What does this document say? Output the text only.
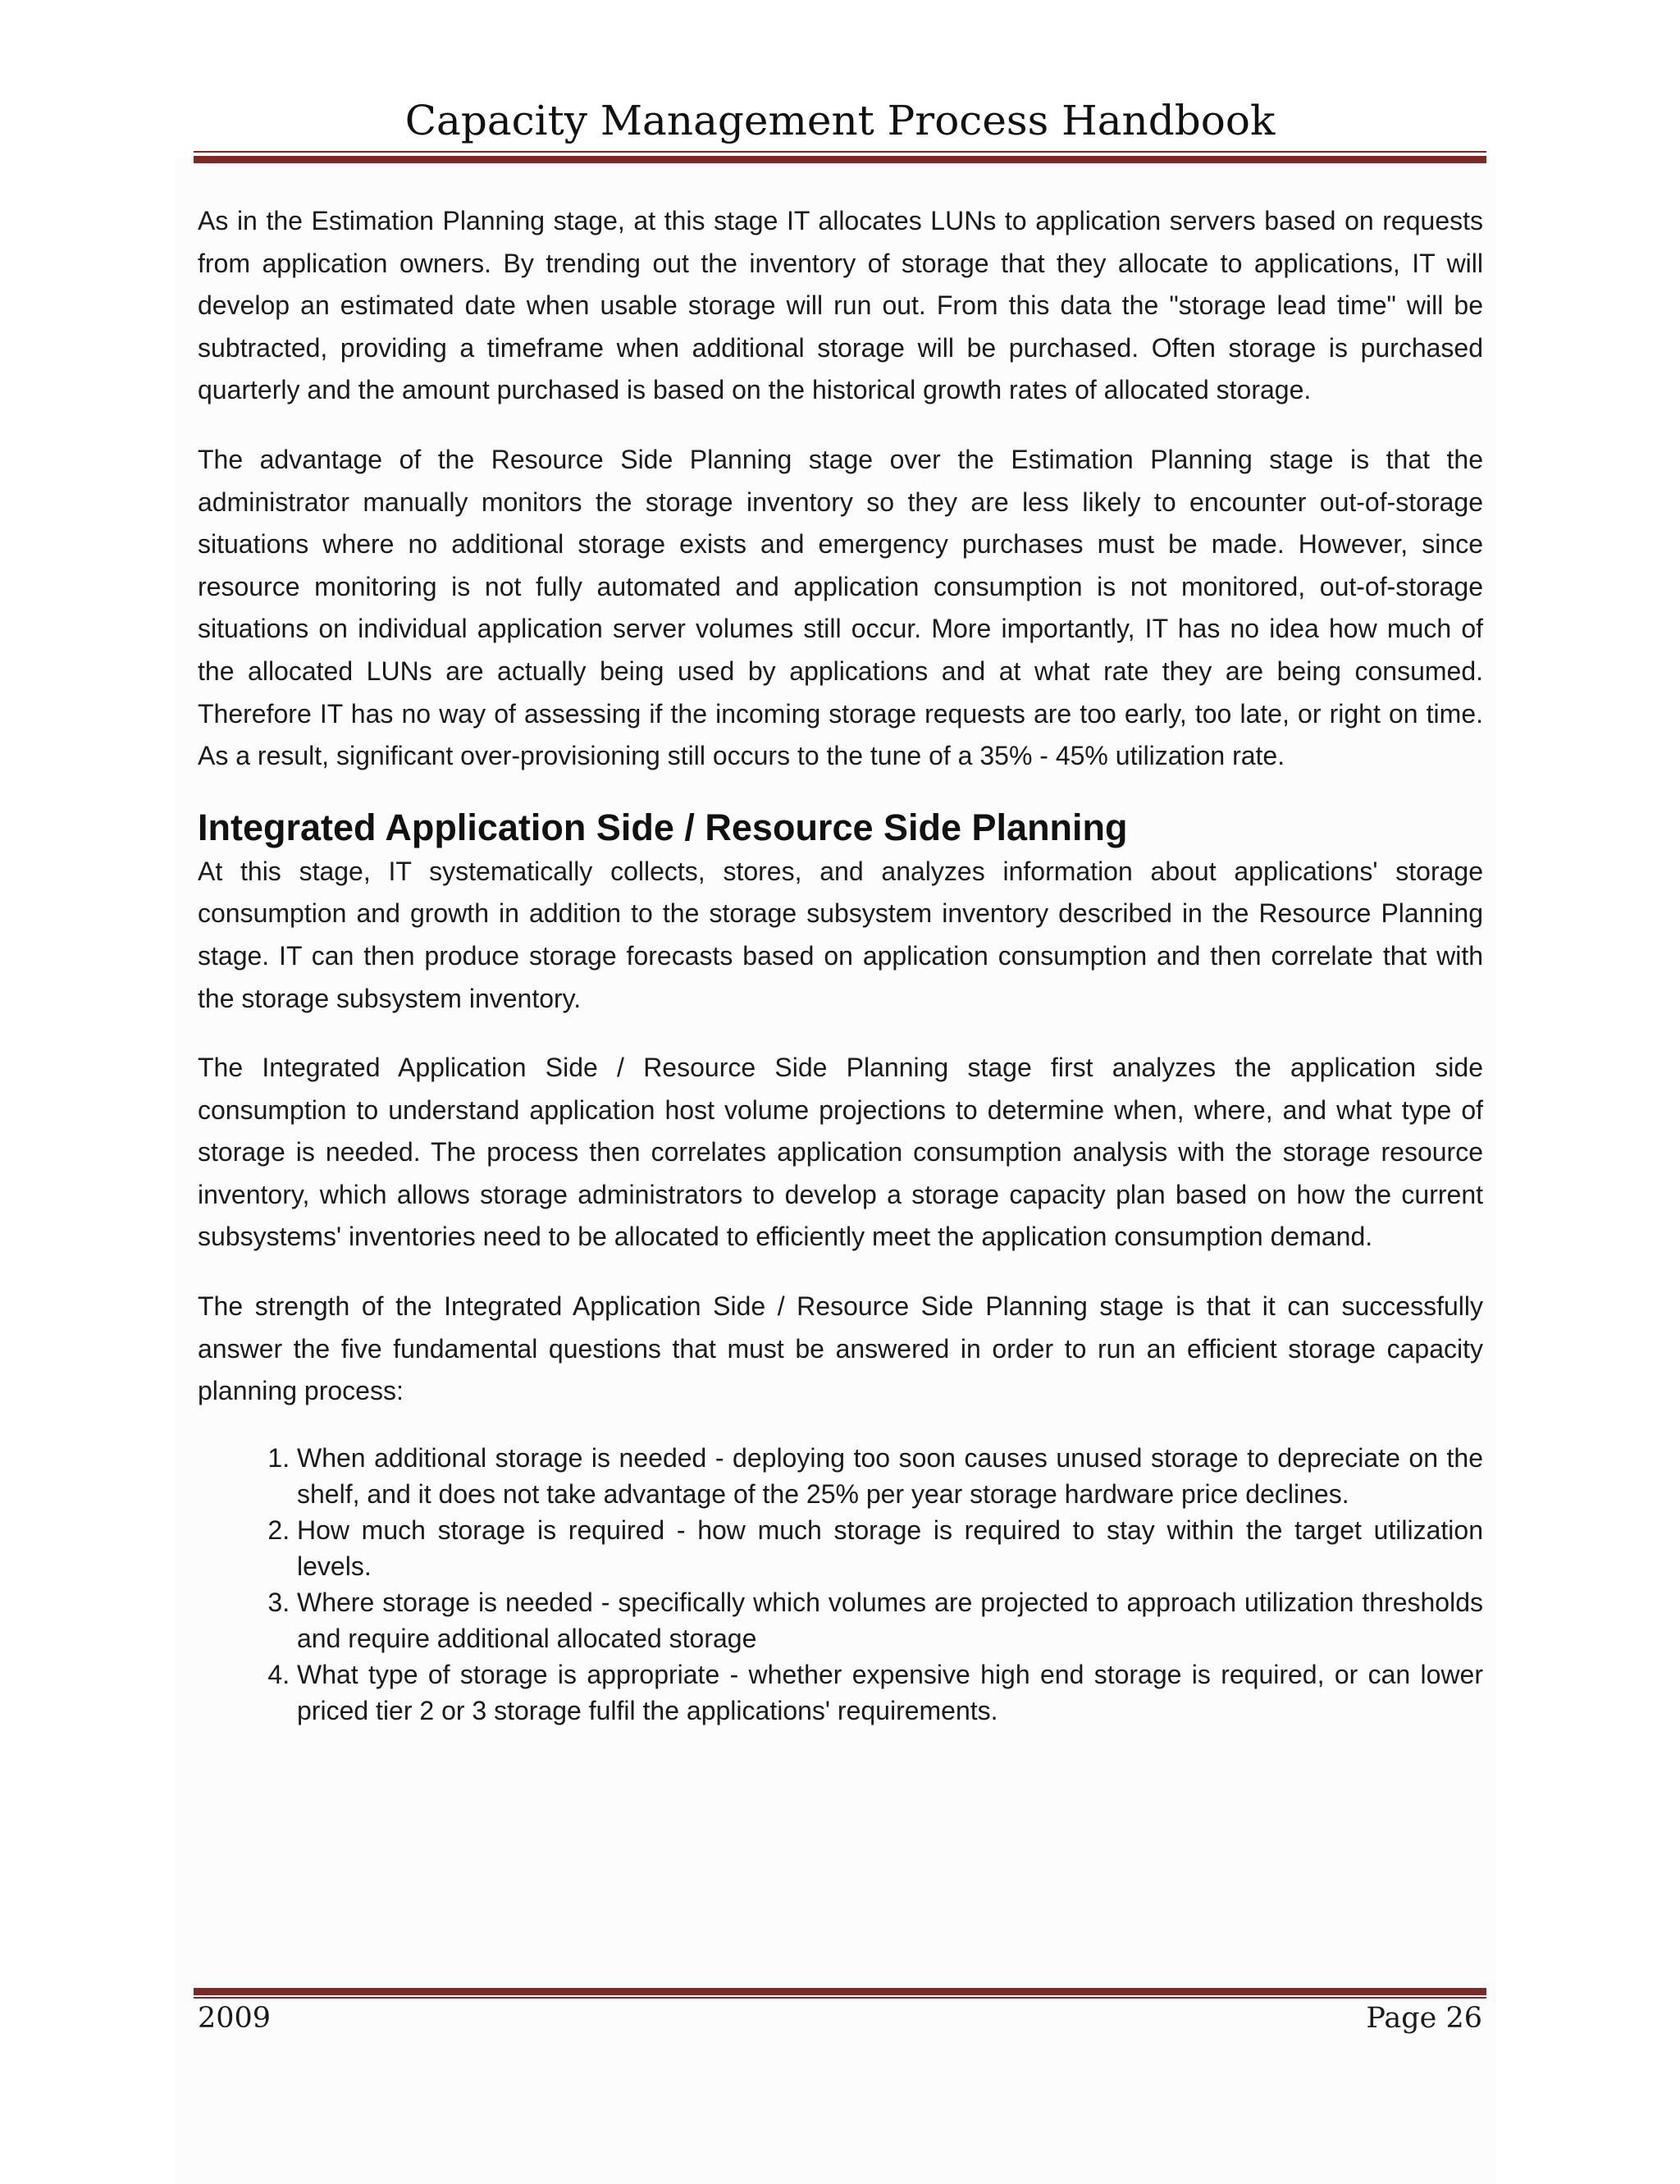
Capacity Management Process Handbook

As in the Estimation Planning stage, at this stage IT allocates LUNs to application servers based on requests from application owners. By trending out the inventory of storage that they allocate to applications, IT will develop an estimated date when usable storage will run out. From this data the "storage lead time" will be subtracted, providing a timeframe when additional storage will be purchased. Often storage is purchased quarterly and the amount purchased is based on the historical growth rates of allocated storage.

The advantage of the Resource Side Planning stage over the Estimation Planning stage is that the administrator manually monitors the storage inventory so they are less likely to encounter out-of-storage situations where no additional storage exists and emergency purchases must be made. However, since resource monitoring is not fully automated and application consumption is not monitored, out-of-storage situations on individual application server volumes still occur. More importantly, IT has no idea how much of the allocated LUNs are actually being used by applications and at what rate they are being consumed. Therefore IT has no way of assessing if the incoming storage requests are too early, too late, or right on time. As a result, significant over-provisioning still occurs to the tune of a 35% - 45% utilization rate.

Integrated Application Side / Resource Side Planning

At this stage, IT systematically collects, stores, and analyzes information about applications' storage consumption and growth in addition to the storage subsystem inventory described in the Resource Planning stage. IT can then produce storage forecasts based on application consumption and then correlate that with the storage subsystem inventory.

The Integrated Application Side / Resource Side Planning stage first analyzes the application side consumption to understand application host volume projections to determine when, where, and what type of storage is needed. The process then correlates application consumption analysis with the storage resource inventory, which allows storage administrators to develop a storage capacity plan based on how the current subsystems' inventories need to be allocated to efficiently meet the application consumption demand.

The strength of the Integrated Application Side / Resource Side Planning stage is that it can successfully answer the five fundamental questions that must be answered in order to run an efficient storage capacity planning process:

1. When additional storage is needed - deploying too soon causes unused storage to depreciate on the shelf, and it does not take advantage of the 25% per year storage hardware price declines.
2. How much storage is required - how much storage is required to stay within the target utilization levels.
3. Where storage is needed - specifically which volumes are projected to approach utilization thresholds and require additional allocated storage
4. What type of storage is appropriate - whether expensive high end storage is required, or can lower priced tier 2 or 3 storage fulfil the applications' requirements.
2009	Page 26
